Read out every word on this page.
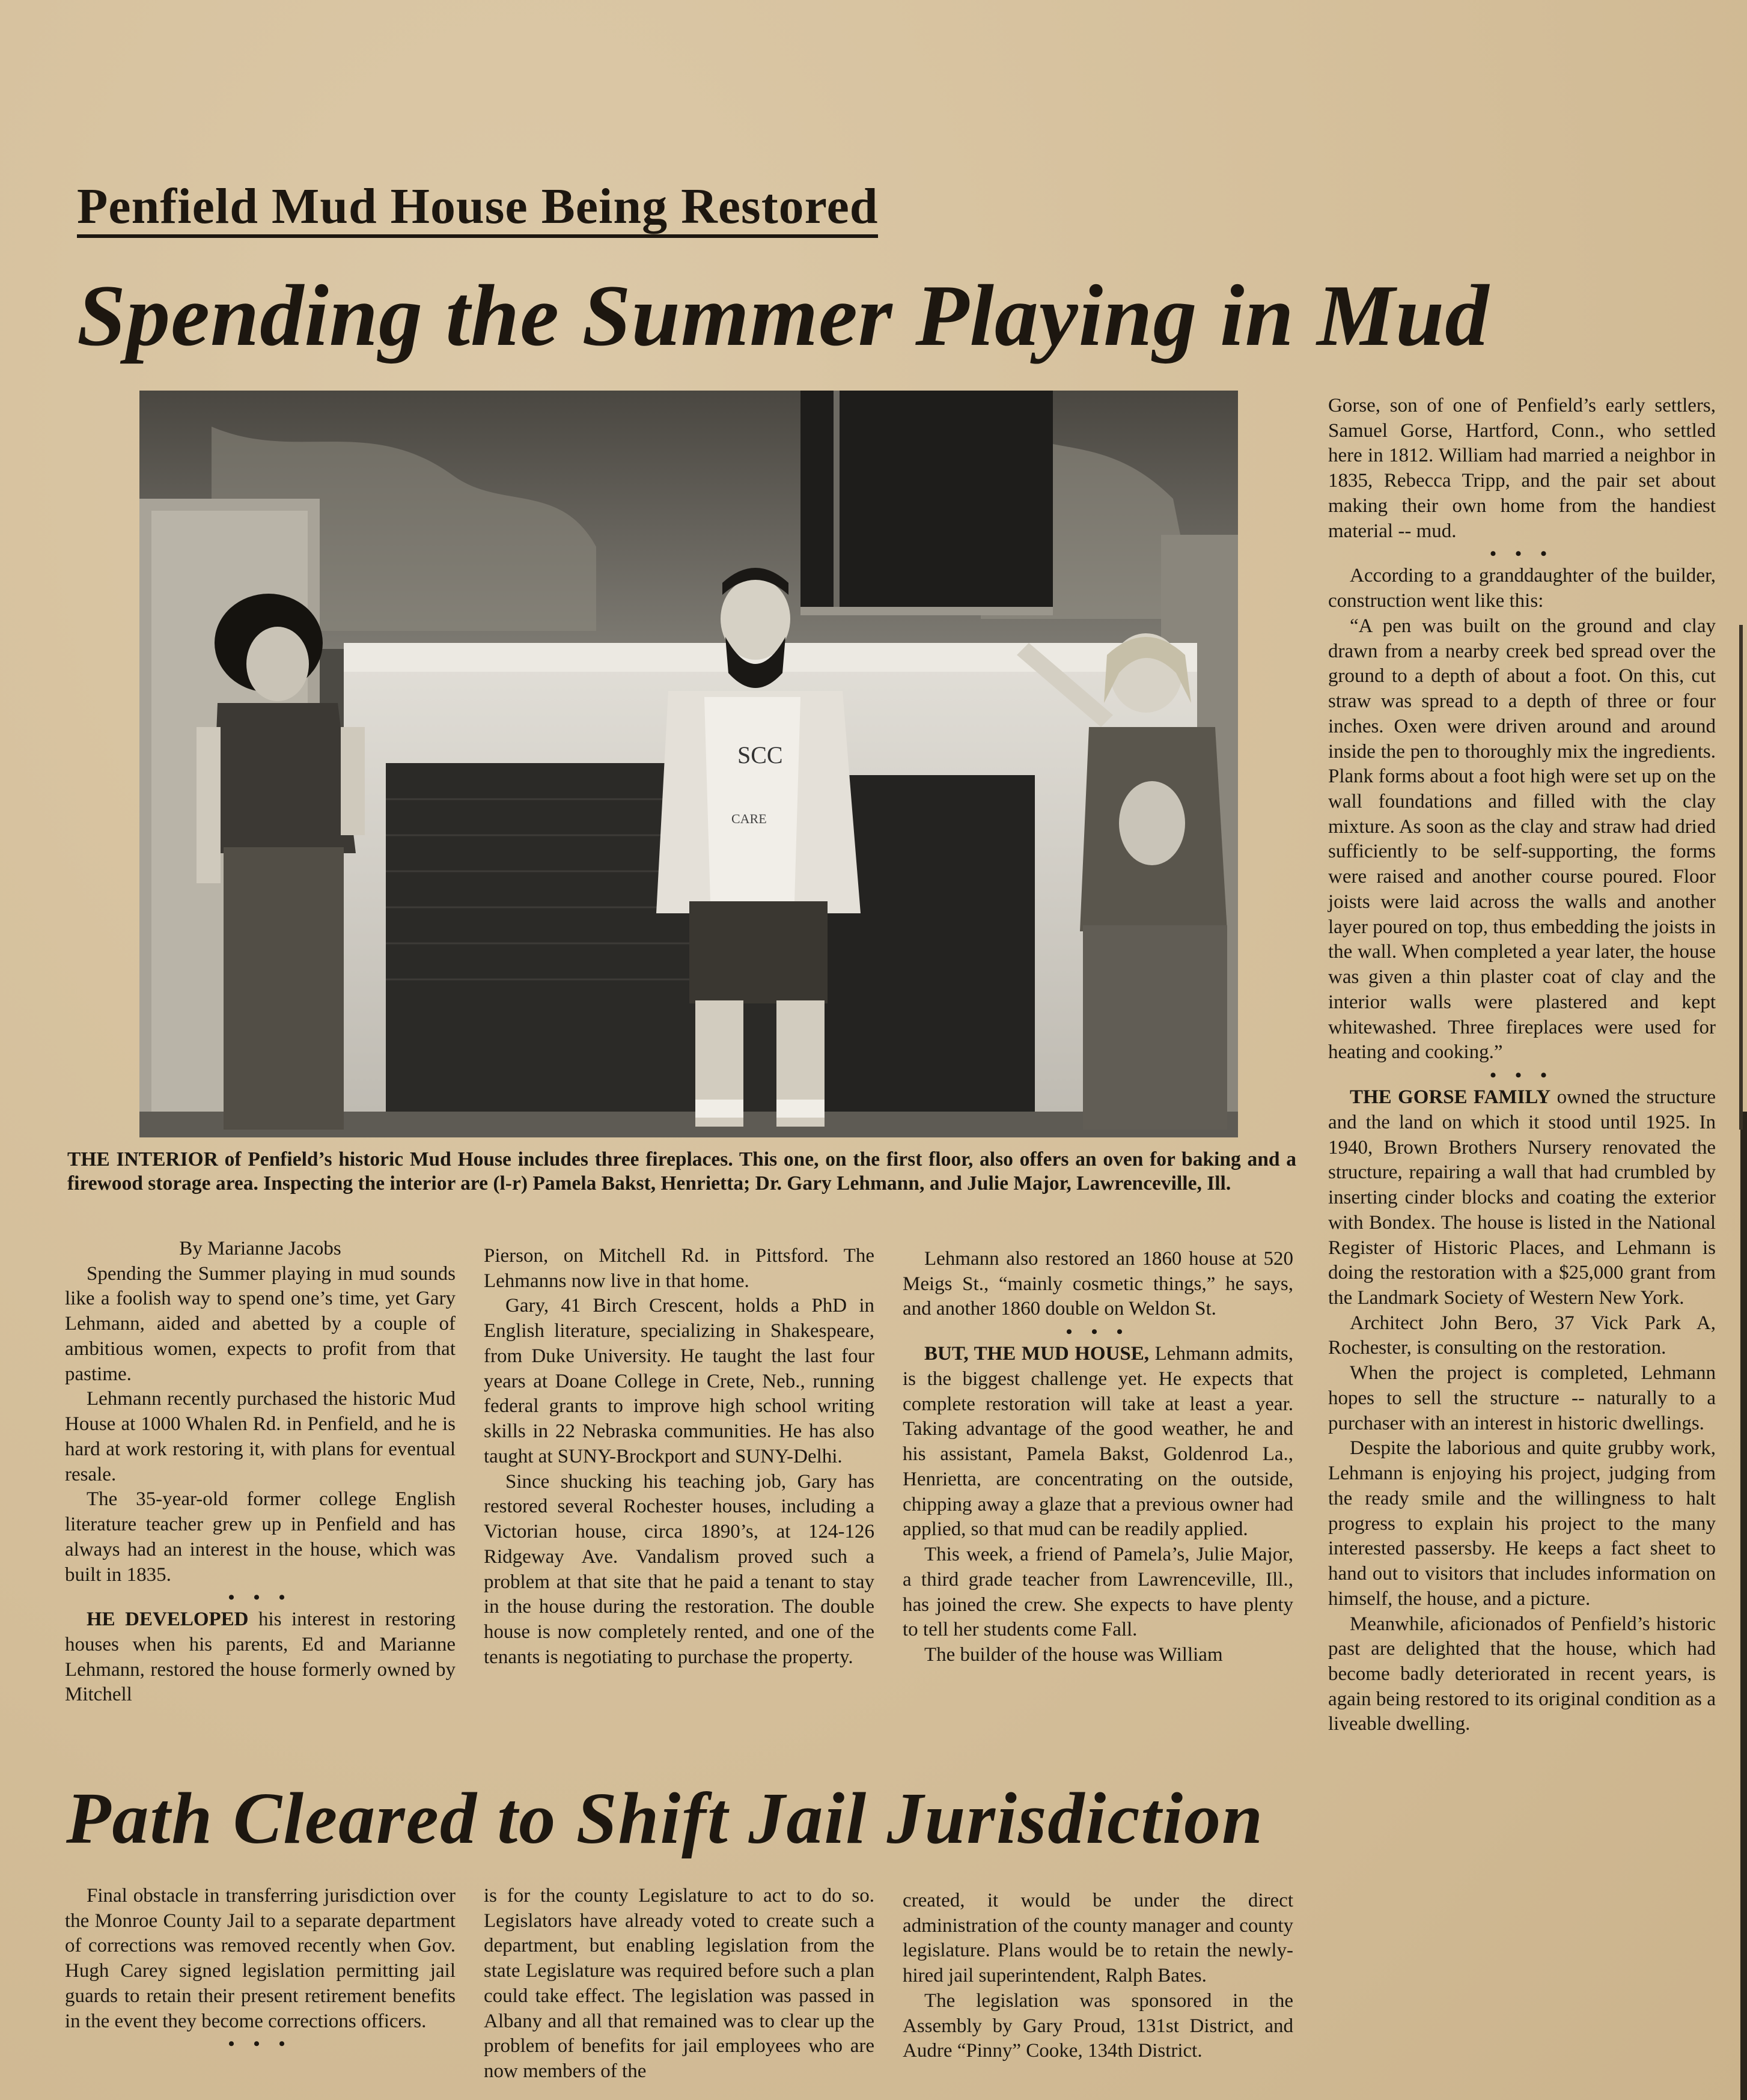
Penfield Mud House Being Restored
Spending the Summer Playing in Mud
SCC
CARE
THE INTERIOR of Penfield’s historic Mud House includes three fireplaces. This one, on the first floor, also offers an oven for baking and a firewood storage area. Inspecting the interior are (l-r) Pamela Bakst, Henrietta; Dr. Gary Lehmann, and Julie Major, Lawrenceville, Ill.

By Marianne Jacobs

Spending the Summer playing in mud sounds like a foolish way to spend one’s time, yet Gary Lehmann, aided and abetted by a couple of ambitious women, expects to profit from that pastime.

Lehmann recently purchased the historic Mud House at 1000 Whalen Rd. in Penfield, and he is hard at work restoring it, with plans for eventual resale.

The 35-year-old former college English literature teacher grew up in Penfield and has always had an interest in the house, which was built in 1835.

• • •

HE DEVELOPED his interest in restoring houses when his parents, Ed and Marianne Lehmann, restored the house formerly owned by Mitchell

Pierson, on Mitchell Rd. in Pittsford. The Lehmanns now live in that home.

Gary, 41 Birch Crescent, holds a PhD in English literature, specializing in Shakespeare, from Duke University. He taught the last four years at Doane College in Crete, Neb., running federal grants to improve high school writing skills in 22 Nebraska communities. He has also taught at SUNY-Brockport and SUNY-Delhi.

Since shucking his teaching job, Gary has restored several Rochester houses, including a Victorian house, circa 1890’s, at 124-126 Ridgeway Ave. Vandalism proved such a problem at that site that he paid a tenant to stay in the house during the restoration. The double house is now completely rented, and one of the tenants is negotiating to purchase the property.

Lehmann also restored an 1860 house at 520 Meigs St., “mainly cosmetic things,” he says, and another 1860 double on Weldon St.

• • •

BUT, THE MUD HOUSE, Lehmann admits, is the biggest challenge yet. He expects that complete restoration will take at least a year. Taking advantage of the good weather, he and his assistant, Pamela Bakst, Goldenrod La., Henrietta, are concentrating on the outside, chipping away a glaze that a previous owner had applied, so that mud can be readily applied.

This week, a friend of Pamela’s, Julie Major, a third grade teacher from Lawrenceville, Ill., has joined the crew. She expects to have plenty to tell her students come Fall.

The builder of the house was William

Gorse, son of one of Penfield’s early settlers, Samuel Gorse, Hartford, Conn., who settled here in 1812. William had married a neighbor in 1835, Rebecca Tripp, and the pair set about making their own home from the handiest material -- mud.

• • •

According to a granddaughter of the builder, construction went like this:

“A pen was built on the ground and clay drawn from a nearby creek bed spread over the ground to a depth of about a foot. On this, cut straw was spread to a depth of three or four inches. Oxen were driven around and around inside the pen to thoroughly mix the ingredients. Plank forms about a foot high were set up on the wall foundations and filled with the clay mixture. As soon as the clay and straw had dried sufficiently to be self-supporting, the forms were raised and another course poured. Floor joists were laid across the walls and another layer poured on top, thus embedding the joists in the wall. When completed a year later, the house was given a thin plaster coat of clay and the interior walls were plastered and kept whitewashed. Three fireplaces were used for heating and cooking.”

• • •

THE GORSE FAMILY owned the structure and the land on which it stood until 1925. In 1940, Brown Brothers Nursery renovated the structure, repairing a wall that had crumbled by inserting cinder blocks and coating the exterior with Bondex. The house is listed in the National Register of Historic Places, and Lehmann is doing the restoration with a $25,000 grant from the Landmark Society of Western New York.

Architect John Bero, 37 Vick Park A, Rochester, is consulting on the restoration.

When the project is completed, Lehmann hopes to sell the structure -- naturally to a purchaser with an interest in historic dwellings.

Despite the laborious and quite grubby work, Lehmann is enjoying his project, judging from the ready smile and the willingness to halt progress to explain his project to the many interested passersby. He keeps a fact sheet to hand out to visitors that includes information on himself, the house, and a picture.

Meanwhile, aficionados of Penfield’s historic past are delighted that the house, which had become badly deteriorated in recent years, is again being restored to its original condition as a liveable dwelling.

Path Cleared to Shift Jail Jurisdiction

Final obstacle in transferring jurisdiction over the Monroe County Jail to a separate department of corrections was removed recently when Gov. Hugh Carey signed legislation permitting jail guards to retain their present retirement benefits in the event they become corrections officers.

• • •

is for the county Legislature to act to do so. Legislators have already voted to create such a department, but enabling legislation from the state Legislature was required before such a plan could take effect. The legislation was passed in Albany and all that remained was to clear up the problem of benefits for jail employees who are now members of the

created, it would be under the direct administration of the county manager and county legislature. Plans would be to retain the newly-hired jail superintendent, Ralph Bates.

The legislation was sponsored in the Assembly by Gary Proud, 131st District, and Audre “Pinny” Cooke, 134th District.
